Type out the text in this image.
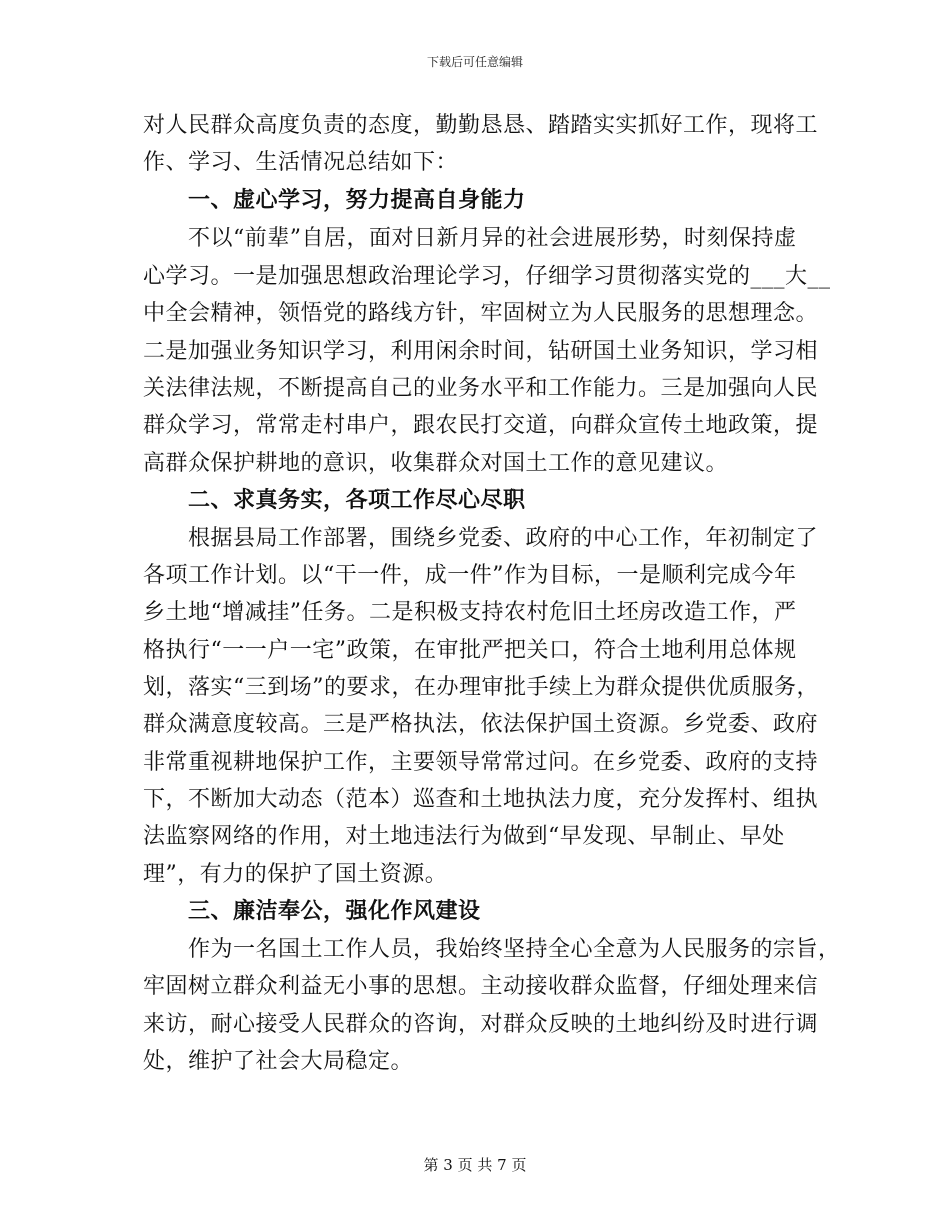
下载后可任意编辑
对人民群众高度负责的态度，勤勤恳恳、踏踏实实抓好工作，现将工
作、学习、生活情况总结如下：
一、虚心学习，努力提高自身能力
不以“前辈”自居，面对日新月异的社会进展形势，时刻保持虚
心学习。一是加强思想政治理论学习，仔细学习贯彻落实党的___大__
中全会精神，领悟党的路线方针，牢固树立为人民服务的思想理念。
二是加强业务知识学习，利用闲余时间，钻研国土业务知识，学习相
关法律法规，不断提高自己的业务水平和工作能力。三是加强向人民
群众学习，常常走村串户，跟农民打交道，向群众宣传土地政策，提
高群众保护耕地的意识，收集群众对国土工作的意见建议。
二、求真务实，各项工作尽心尽职
根据县局工作部署，围绕乡党委、政府的中心工作，年初制定了
各项工作计划。以“干一件，成一件”作为目标，一是顺利完成今年
乡土地“增减挂”任务。二是积极支持农村危旧土坯房改造工作，严
格执行“一一户一宅”政策，在审批严把关口，符合土地利用总体规
划，落实“三到场”的要求，在办理审批手续上为群众提供优质服务，
群众满意度较高。三是严格执法，依法保护国土资源。乡党委、政府
非常重视耕地保护工作，主要领导常常过问。在乡党委、政府的支持
下，不断加大动态（范本）巡查和土地执法力度，充分发挥村、组执
法监察网络的作用，对土地违法行为做到“早发现、早制止、早处
理”，有力的保护了国土资源。
三、廉洁奉公，强化作风建设
作为一名国土工作人员，我始终坚持全心全意为人民服务的宗旨，
牢固树立群众利益无小事的思想。主动接收群众监督，仔细处理来信
来访，耐心接受人民群众的咨询，对群众反映的土地纠纷及时进行调
处，维护了社会大局稳定。
第 3 页 共 7 页
